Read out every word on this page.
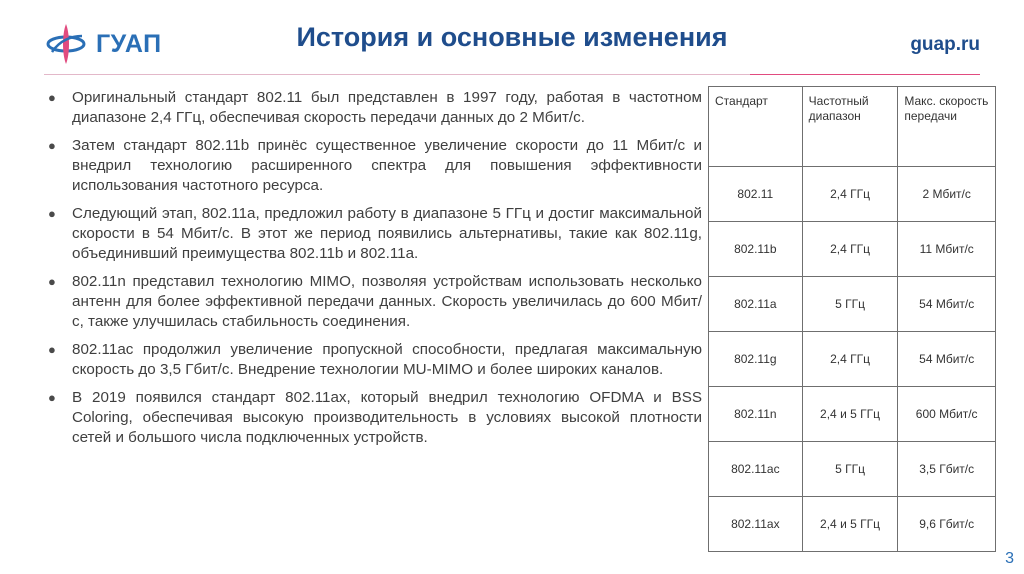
ГУАП	История и основные изменения	guap.ru
● Оригинальный стандарт 802.11 был представлен в 1997 году, работая в частотном диапазоне 2,4 ГГц, обеспечивая скорость передачи данных до 2 Мбит/с.
● Затем стандарт 802.11b принёс существенное увеличение скорости до 11 Мбит/с и внедрил технологию расширенного спектра для повышения эффективности использования частотного ресурса.
● Следующий этап, 802.11a, предложил работу в диапазоне 5 ГГц и достиг максимальной скорости в 54 Мбит/с. В этот же период появились альтернативы, такие как 802.11g, объединивший преимущества 802.11b и 802.11a.
● 802.11n представил технологию MIMO, позволяя устройствам использовать несколько антенн для более эффективной передачи данных. Скорость увеличилась до 600 Мбит/с, также улучшилась стабильность соединения.
● 802.11ac продолжил увеличение пропускной способности, предлагая максимальную скорость до 3,5 Гбит/с. Внедрение технологии MU-MIMO и более широких каналов.
● В 2019 появился стандарт 802.11ax, который внедрил технологию OFDMA и BSS Coloring, обеспечивая высокую производительность в условиях высокой плотности сетей и большого числа подключенных устройств.
Стандарт	Частотный диапазон	Макс. скорость передачи
802.11	2,4 ГГц	2 Мбит/с
802.11b	2,4 ГГц	11 Мбит/с
802.11a	5 ГГц	54 Мбит/с
802.11g	2,4 ГГц	54 Мбит/с
802.11n	2,4 и 5 ГГц	600 Мбит/с
802.11ac	5 ГГц	3,5 Гбит/с
802.11ax	2,4 и 5 ГГц	9,6 Гбит/с
3
